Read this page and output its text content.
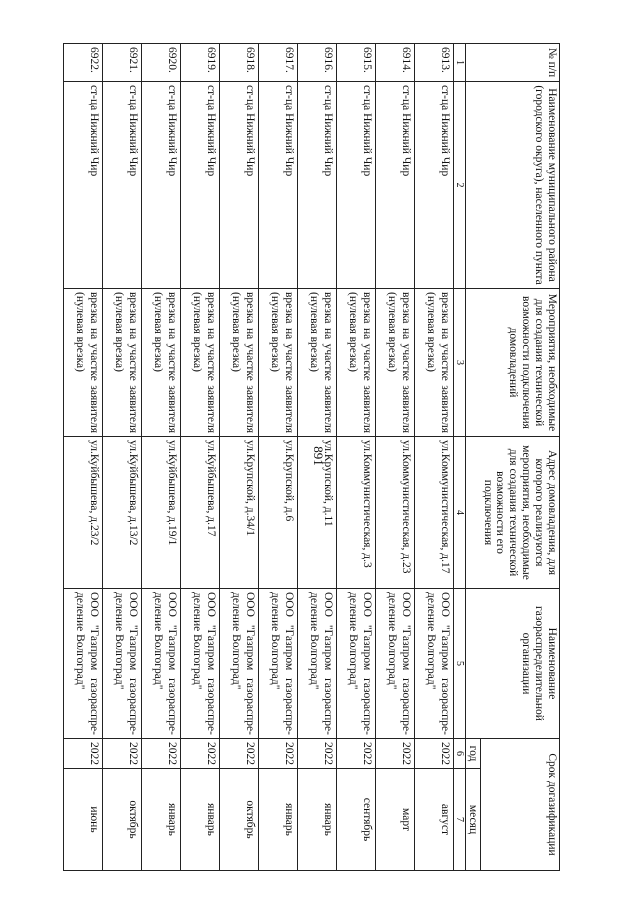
891
№ п/п	Наименование муниципального района (городского округа), населенного пункта	Мероприятия, необходимые для создания технической возможности подключения домовладений	Адрес домовладения, для которого реализуются мероприятия, необходимые для создания технической возможности его подключения	Наименование газораспределительной организации	Срок догазификации	
					год	месяц
1	2	3	4	5	6	7
6913.	ст-ца Нижний Чир	врезка на участке заявителя (нулевая врезка)	ул.Коммунистическая, д.17	ООО "Газпром газораспре-деление Волгоград"	2022	август
6914.	ст-ца Нижний Чир	врезка на участке заявителя (нулевая врезка)	ул.Коммунистическая, д.23	ООО "Газпром газораспре-деление Волгоград"	2022	март
6915.	ст-ца Нижний Чир	врезка на участке заявителя (нулевая врезка)	ул.Коммунистическая, д.3	ООО "Газпром газораспре-деление Волгоград"	2022	сентябрь
6916.	ст-ца Нижний Чир	врезка на участке заявителя (нулевая врезка)	ул.Крупской, д.11	ООО "Газпром газораспре-деление Волгоград"	2022	январь
6917.	ст-ца Нижний Чир	врезка на участке заявителя (нулевая врезка)	ул.Крупской, д.6	ООО "Газпром газораспре-деление Волгоград"	2022	январь
6918.	ст-ца Нижний Чир	врезка на участке заявителя (нулевая врезка)	ул.Крупской, д.34/1	ООО "Газпром газораспре-деление Волгоград"	2022	октябрь
6919.	ст-ца Нижний Чир	врезка на участке заявителя (нулевая врезка)	ул.Куйбышева, д.17	ООО "Газпром газораспре-деление Волгоград"	2022	январь
6920.	ст-ца Нижний Чир	врезка на участке заявителя (нулевая врезка)	ул.Куйбышева, д.19/1	ООО "Газпром газораспре-деление Волгоград"	2022	январь
6921.	ст-ца Нижний Чир	врезка на участке заявителя (нулевая врезка)	ул.Куйбышева, д.13/2	ООО "Газпром газораспре-деление Волгоград"	2022	октябрь
6922.	ст-ца Нижний Чир	врезка на участке заявителя (нулевая врезка)	ул.Куйбышева, д.23/2	ООО "Газпром газораспре-деление Волгоград"	2022	июнь
